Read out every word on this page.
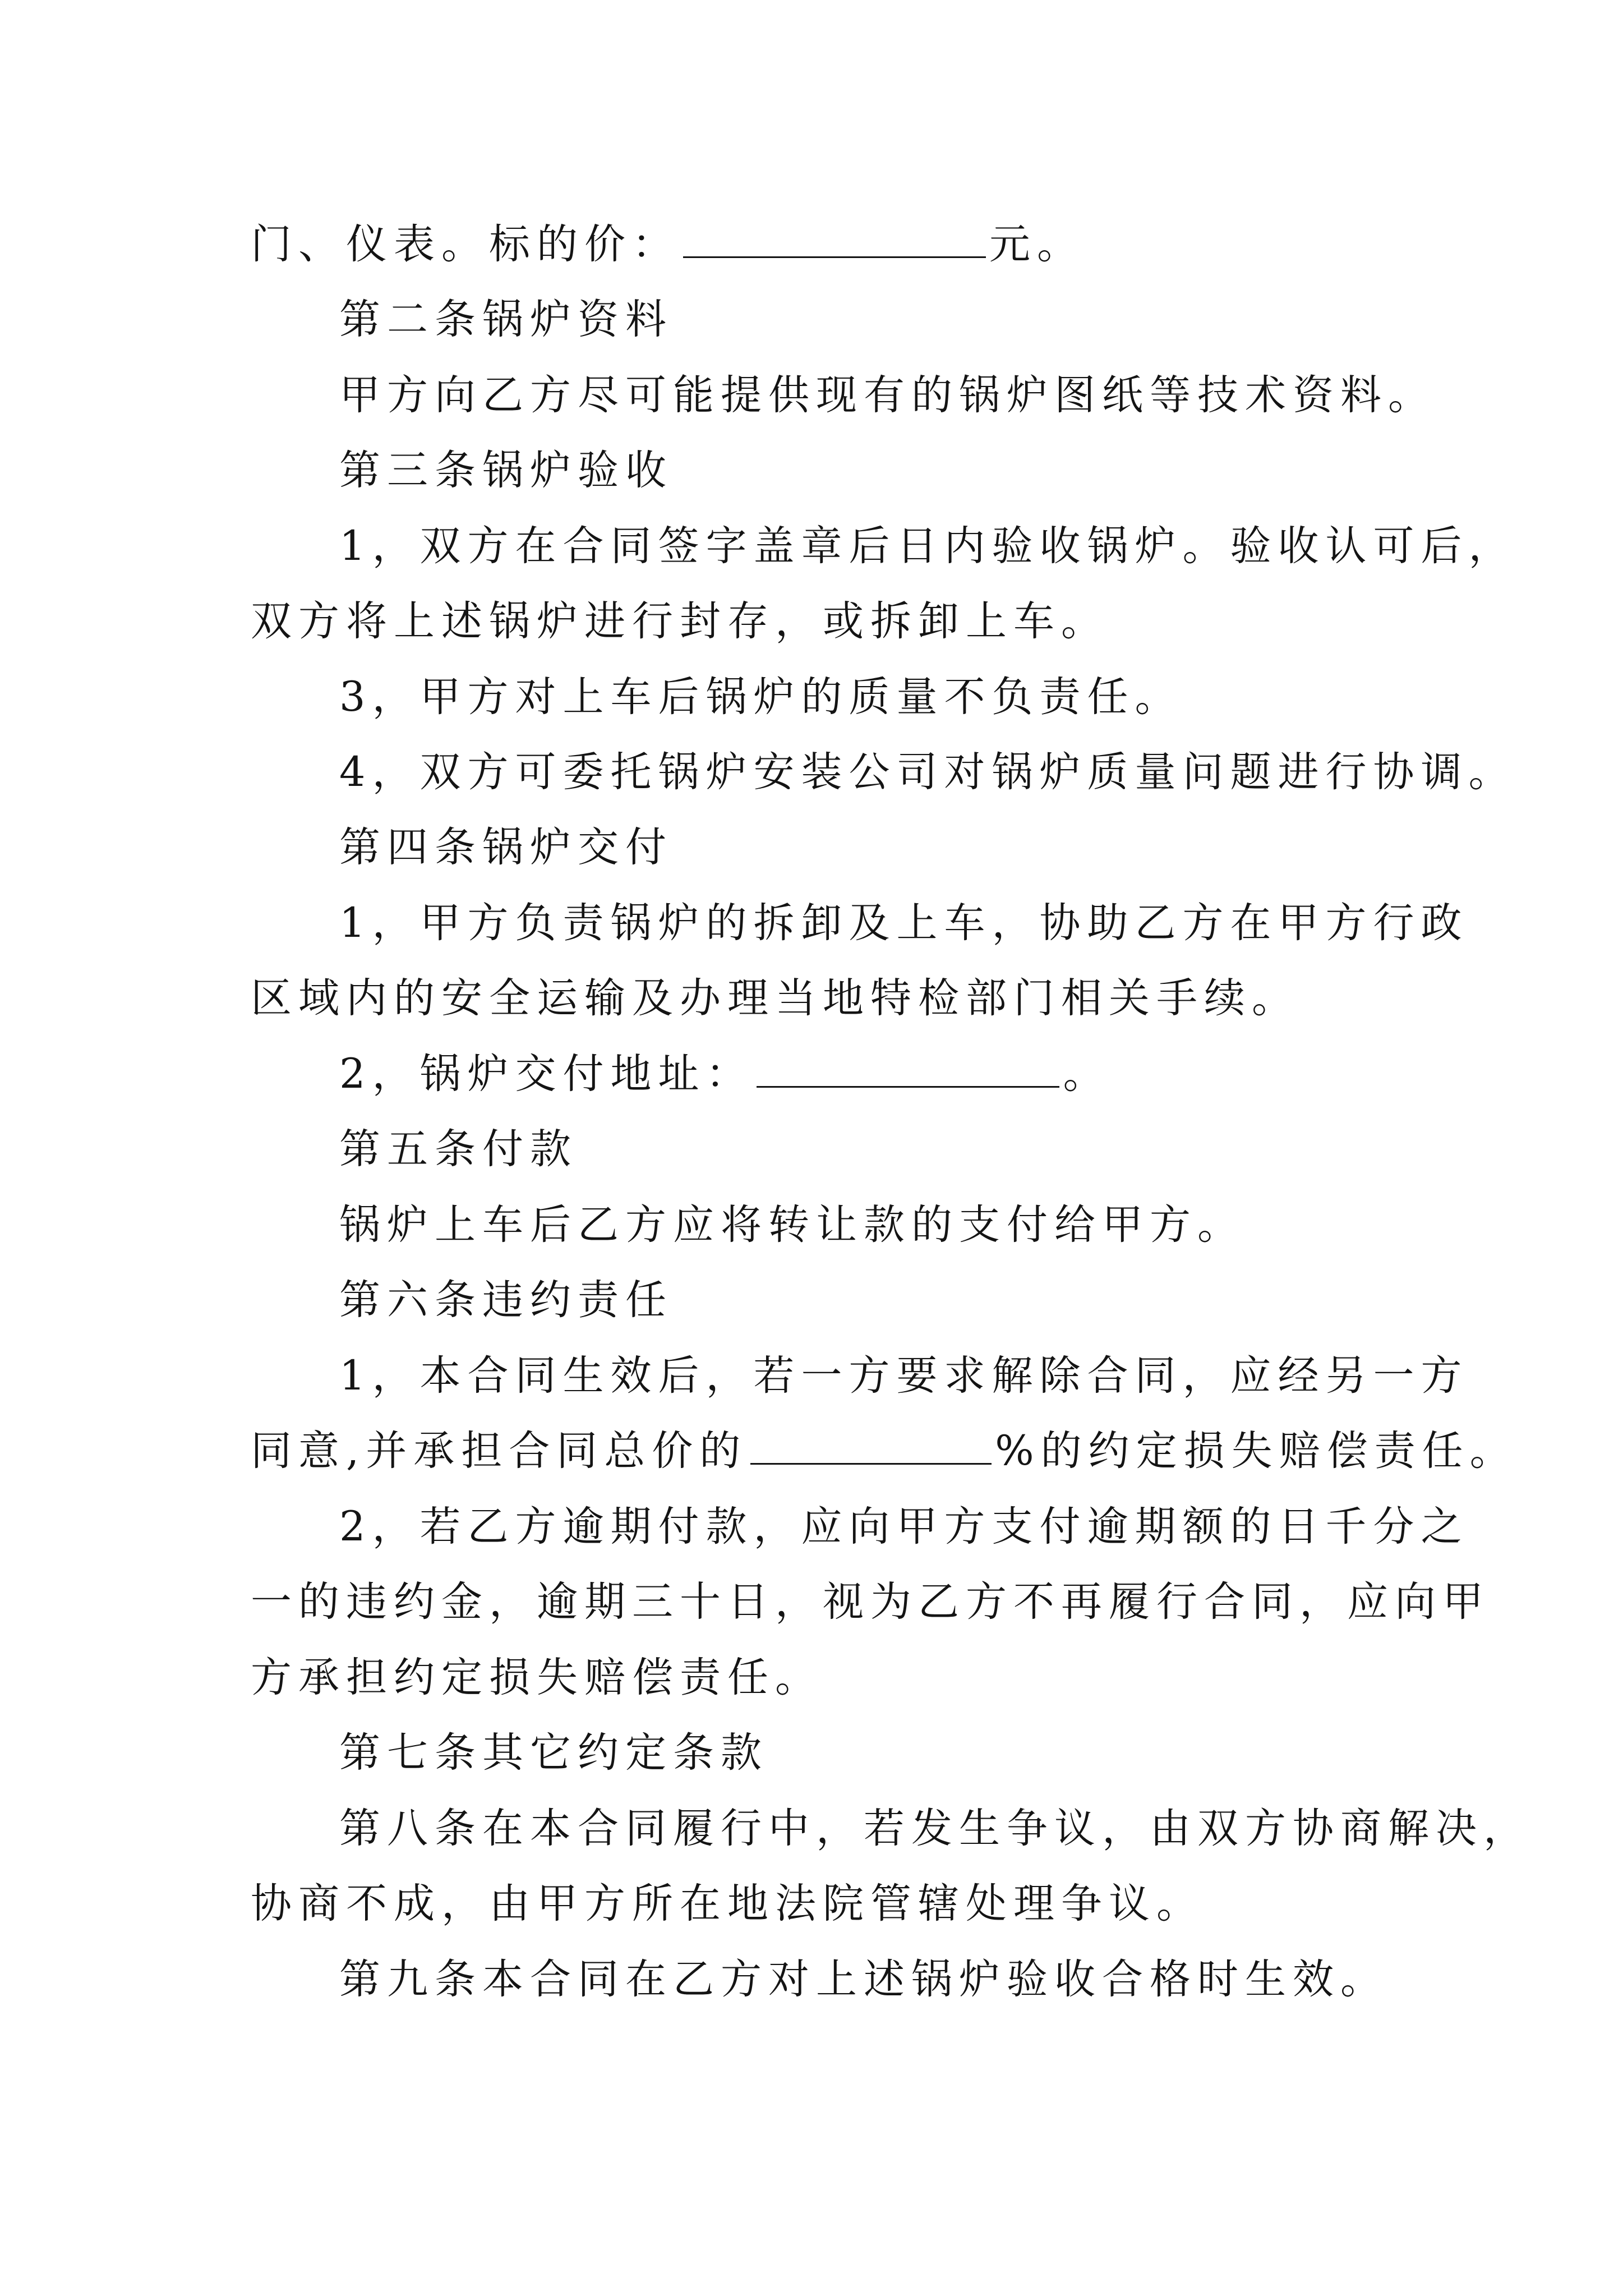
门、仪表。标的价：	元。
第二条锅炉资料
甲方向乙方尽可能提供现有的锅炉图纸等技术资料。
第三条锅炉验收
1，双方在合同签字盖章后日内验收锅炉。验收认可后，
双方将上述锅炉进行封存，或拆卸上车。
3，甲方对上车后锅炉的质量不负责任。
4，双方可委托锅炉安装公司对锅炉质量问题进行协调。
第四条锅炉交付
1，甲方负责锅炉的拆卸及上车，协助乙方在甲方行政
区域内的安全运输及办理当地特检部门相关手续。
2，锅炉交付地址：	。
第五条付款
锅炉上车后乙方应将转让款的支付给甲方。
第六条违约责任
1，本合同生效后，若一方要求解除合同，应经另一方
同意,并承担合同总价的	%的约定损失赔偿责任。
2，若乙方逾期付款，应向甲方支付逾期额的日千分之
一的违约金，逾期三十日，视为乙方不再履行合同，应向甲
方承担约定损失赔偿责任。
第七条其它约定条款
第八条在本合同履行中，若发生争议，由双方协商解决，
协商不成，由甲方所在地法院管辖处理争议。
第九条本合同在乙方对上述锅炉验收合格时生效。
